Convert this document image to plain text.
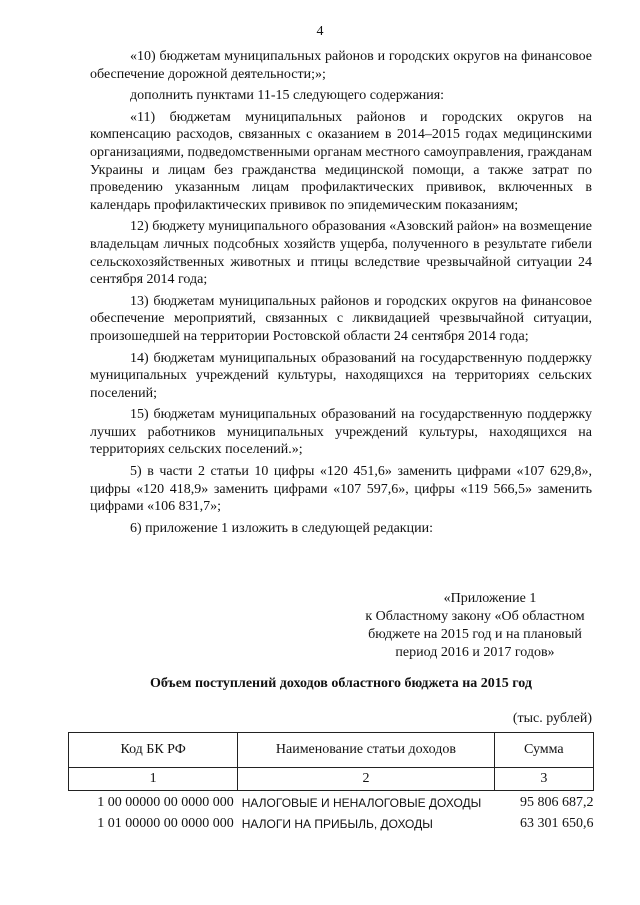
4

«10) бюджетам муниципальных районов и городских округов на финансовое обеспечение дорожной деятельности;»;

дополнить пунктами 11-15 следующего содержания:

«11) бюджетам муниципальных районов и городских округов на компенсацию расходов, связанных с оказанием в 2014–2015 годах медицинскими организациями, подведомственными органам местного самоуправления, гражданам Украины и лицам без гражданства медицинской помощи, а также затрат по проведению указанным лицам профилактических прививок, включенных в календарь профилактических прививок по эпидемическим показаниям;

12) бюджету муниципального образования «Азовский район» на возмещение владельцам личных подсобных хозяйств ущерба, полученного в результате гибели сельскохозяйственных животных и птицы вследствие чрезвычайной ситуации 24 сентября 2014 года;

13) бюджетам муниципальных районов и городских округов на финансовое обеспечение мероприятий, связанных с ликвидацией чрезвычайной ситуации, произошедшей на территории Ростовской области 24 сентября 2014 года;

14) бюджетам муниципальных образований на государственную поддержку муниципальных учреждений культуры, находящихся на территориях сельских поселений;

15) бюджетам муниципальных образований на государственную поддержку лучших работников муниципальных учреждений культуры, находящихся на территориях сельских поселений.»;

5) в части 2 статьи 10 цифры «120 451,6» заменить цифрами «107 629,8», цифры «120 418,9» заменить цифрами «107 597,6», цифры «119 566,5» заменить цифрами «106 831,7»;

6) приложение 1 изложить в следующей редакции:

«Приложение 1
к Областному закону «Об областном
бюджете на 2015 год и на плановый
период 2016 и 2017 годов»
Объем поступлений доходов областного бюджета на 2015 год
(тыс. рублей)
Код БК РФ	Наименование статьи доходов	Сумма
1	2	3
1 00 00000 00 0000 000	НАЛОГОВЫЕ И НЕНАЛОГОВЫЕ ДОХОДЫ	95 806 687,2
1 01 00000 00 0000 000	НАЛОГИ НА ПРИБЫЛЬ, ДОХОДЫ	63 301 650,6
